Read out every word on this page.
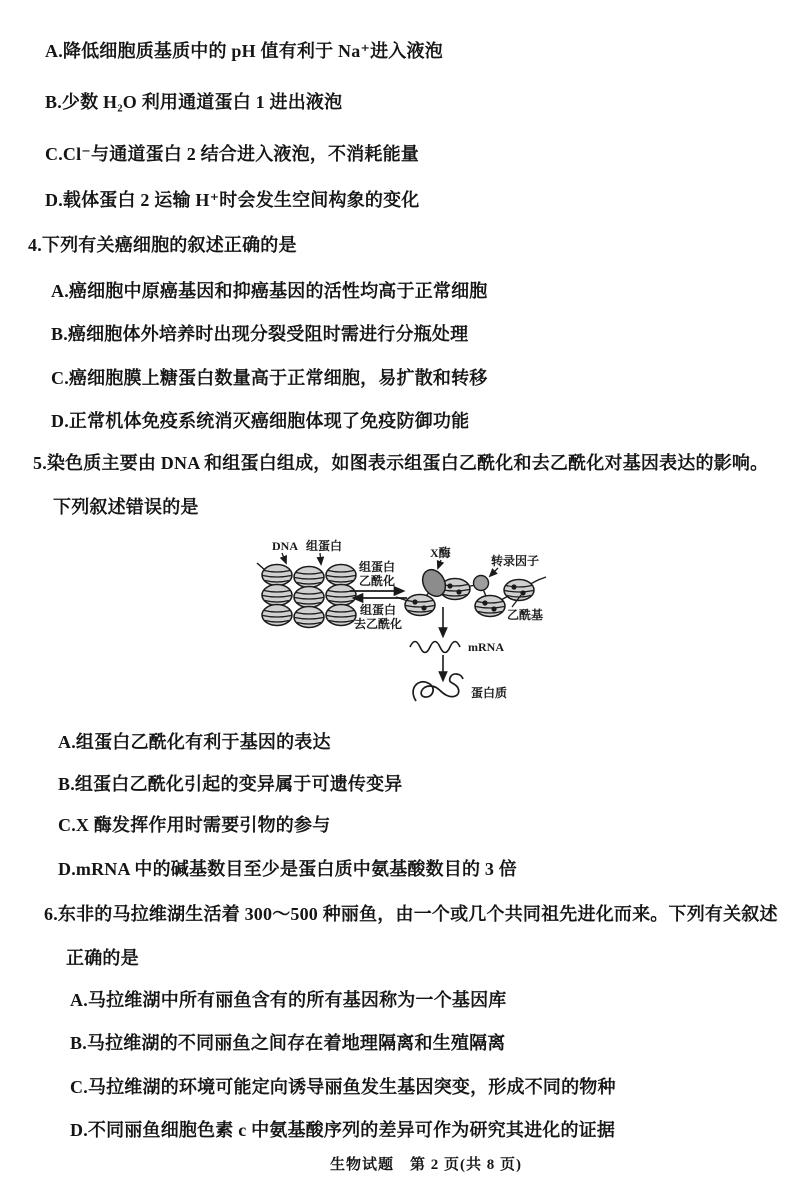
A.降低细胞质基质中的 pH 值有利于 Na⁺进入液泡
B.少数 H₂O 利用通道蛋白 1 进出液泡
C.Cl⁻与通道蛋白 2 结合进入液泡，不消耗能量
D.载体蛋白 2 运输 H⁺时会发生空间构象的变化
4.下列有关癌细胞的叙述正确的是
A.癌细胞中原癌基因和抑癌基因的活性均高于正常细胞
B.癌细胞体外培养时出现分裂受阻时需进行分瓶处理
C.癌细胞膜上糖蛋白数量高于正常细胞，易扩散和转移
D.正常机体免疫系统消灭癌细胞体现了免疫防御功能
5.染色质主要由 DNA 和组蛋白组成，如图表示组蛋白乙酰化和去乙酰化对基因表达的影响。
下列叙述错误的是
DNA 组蛋白
组蛋白
乙酰化
组蛋白
去乙酰化
X酶
转录因子
乙酰基
mRNA
蛋白质
A.组蛋白乙酰化有利于基因的表达
B.组蛋白乙酰化引起的变异属于可遗传变异
C.X 酶发挥作用时需要引物的参与
D.mRNA 中的碱基数目至少是蛋白质中氨基酸数目的 3 倍
6.东非的马拉维湖生活着 300～500 种丽鱼，由一个或几个共同祖先进化而来。下列有关叙述
正确的是
A.马拉维湖中所有丽鱼含有的所有基因称为一个基因库
B.马拉维湖的不同丽鱼之间存在着地理隔离和生殖隔离
C.马拉维湖的环境可能定向诱导丽鱼发生基因突变，形成不同的物种
D.不同丽鱼细胞色素 c 中氨基酸序列的差异可作为研究其进化的证据
生物试题　第 2 页(共 8 页)
